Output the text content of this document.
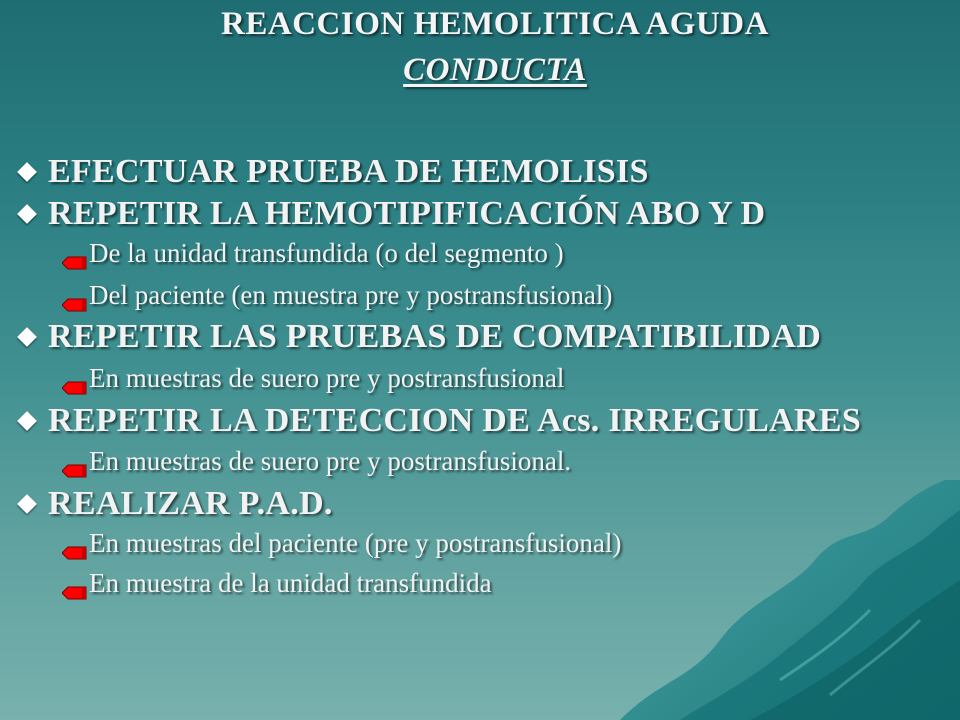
REACCION HEMOLITICA AGUDA
CONDUCTA
EFECTUAR PRUEBA DE HEMOLISIS
REPETIR LA HEMOTIPIFICACIÓN ABO Y D
De la unidad transfundida (o del segmento )
Del paciente (en muestra pre y postransfusional)
REPETIR LAS PRUEBAS DE COMPATIBILIDAD
En muestras de suero pre y postransfusional
REPETIR LA DETECCION DE Acs. IRREGULARES
En muestras de suero pre y postransfusional.
REALIZAR P.A.D.
En muestras del paciente (pre y postransfusional)
En muestra de la unidad transfundida
